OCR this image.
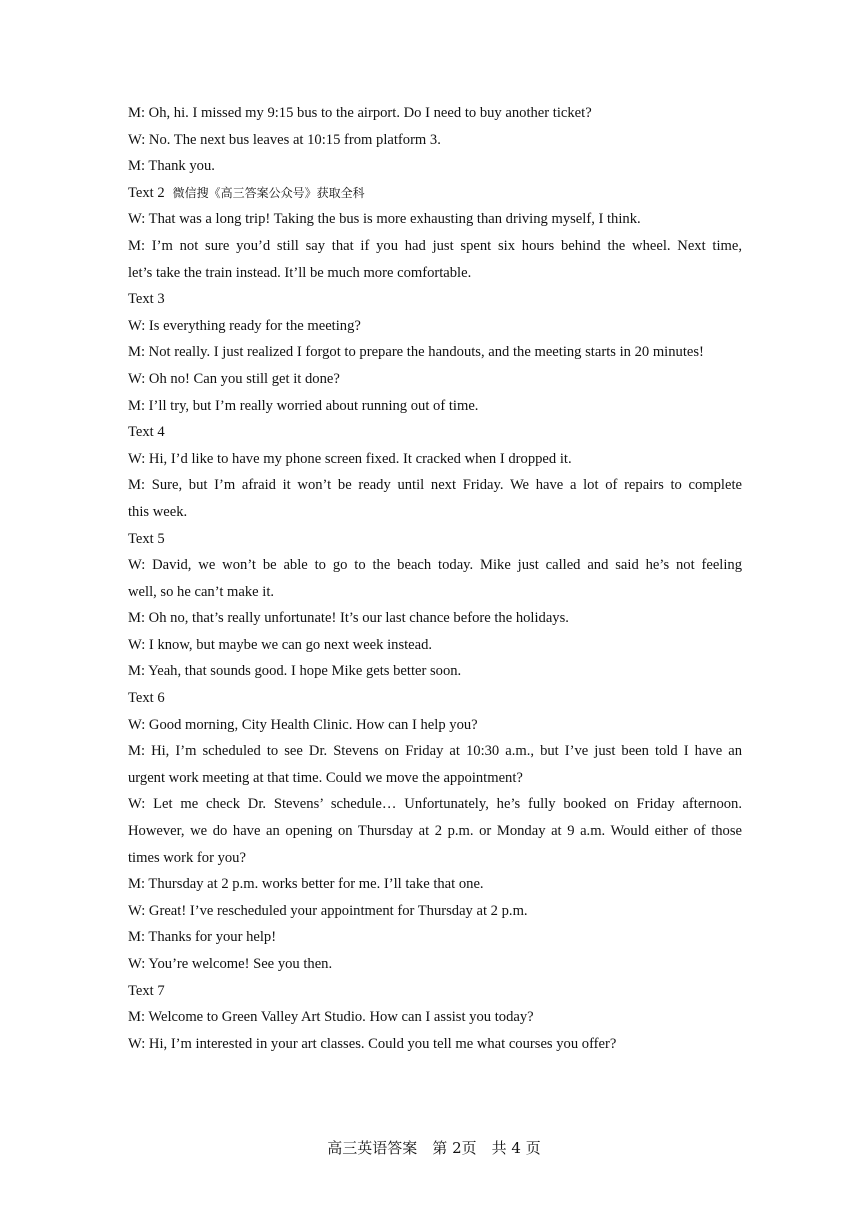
M: Oh, hi. I missed my 9:15 bus to the airport. Do I need to buy another ticket?
W: No. The next bus leaves at 10:15 from platform 3.
M: Thank you.
Text 2 微信搜《高三答案公众号》获取全科
W: That was a long trip! Taking the bus is more exhausting than driving myself, I think.
M: I’m not sure you’d still say that if you had just spent six hours behind the wheel. Next time,
let’s take the train instead. It’ll be much more comfortable.
Text 3
W: Is everything ready for the meeting?
M: Not really. I just realized I forgot to prepare the handouts, and the meeting starts in 20 minutes!
W: Oh no! Can you still get it done?
M: I’ll try, but I’m really worried about running out of time.
Text 4
W: Hi, I’d like to have my phone screen fixed. It cracked when I dropped it.
M: Sure, but I’m afraid it won’t be ready until next Friday. We have a lot of repairs to complete
this week.
Text 5
W: David, we won’t be able to go to the beach today. Mike just called and said he’s not feeling
well, so he can’t make it.
M: Oh no, that’s really unfortunate! It’s our last chance before the holidays.
W: I know, but maybe we can go next week instead.
M: Yeah, that sounds good. I hope Mike gets better soon.
Text 6
W: Good morning, City Health Clinic. How can I help you?
M: Hi, I’m scheduled to see Dr. Stevens on Friday at 10:30 a.m., but I’ve just been told I have an
urgent work meeting at that time. Could we move the appointment?
W: Let me check Dr. Stevens’ schedule… Unfortunately, he’s fully booked on Friday afternoon.
However, we do have an opening on Thursday at 2 p.m. or Monday at 9 a.m. Would either of those
times work for you?
M: Thursday at 2 p.m. works better for me. I’ll take that one.
W: Great! I’ve rescheduled your appointment for Thursday at 2 p.m.
M: Thanks for your help!
W: You’re welcome! See you then.
Text 7
M: Welcome to Green Valley Art Studio. How can I assist you today?
W: Hi, I’m interested in your art classes. Could you tell me what courses you offer?
高三英语答案　第 2页　共 4 页
